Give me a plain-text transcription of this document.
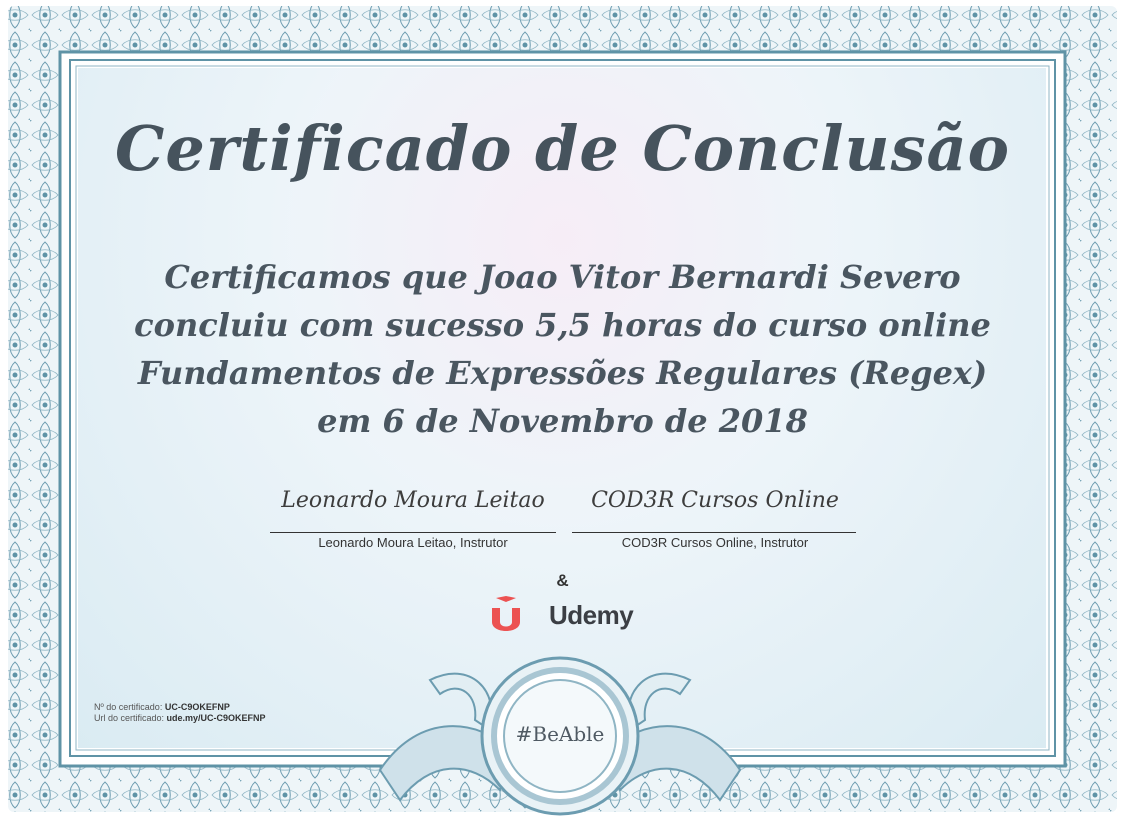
Certificado de Conclusão
Certificamos que Joao Vitor Bernardi Severo
concluiu com sucesso 5,5 horas do curso online
Fundamentos de Expressões Regulares (Regex)
em 6 de Novembro de 2018
Leonardo Moura Leitao
Leonardo Moura Leitao, Instrutor
COD3R Cursos Online
COD3R Cursos Online, Instrutor
&
Udemy
Nº do certificado: UC-C9OKEFNP
Url do certificado: ude.my/UC-C9OKEFNP
#BeAble
